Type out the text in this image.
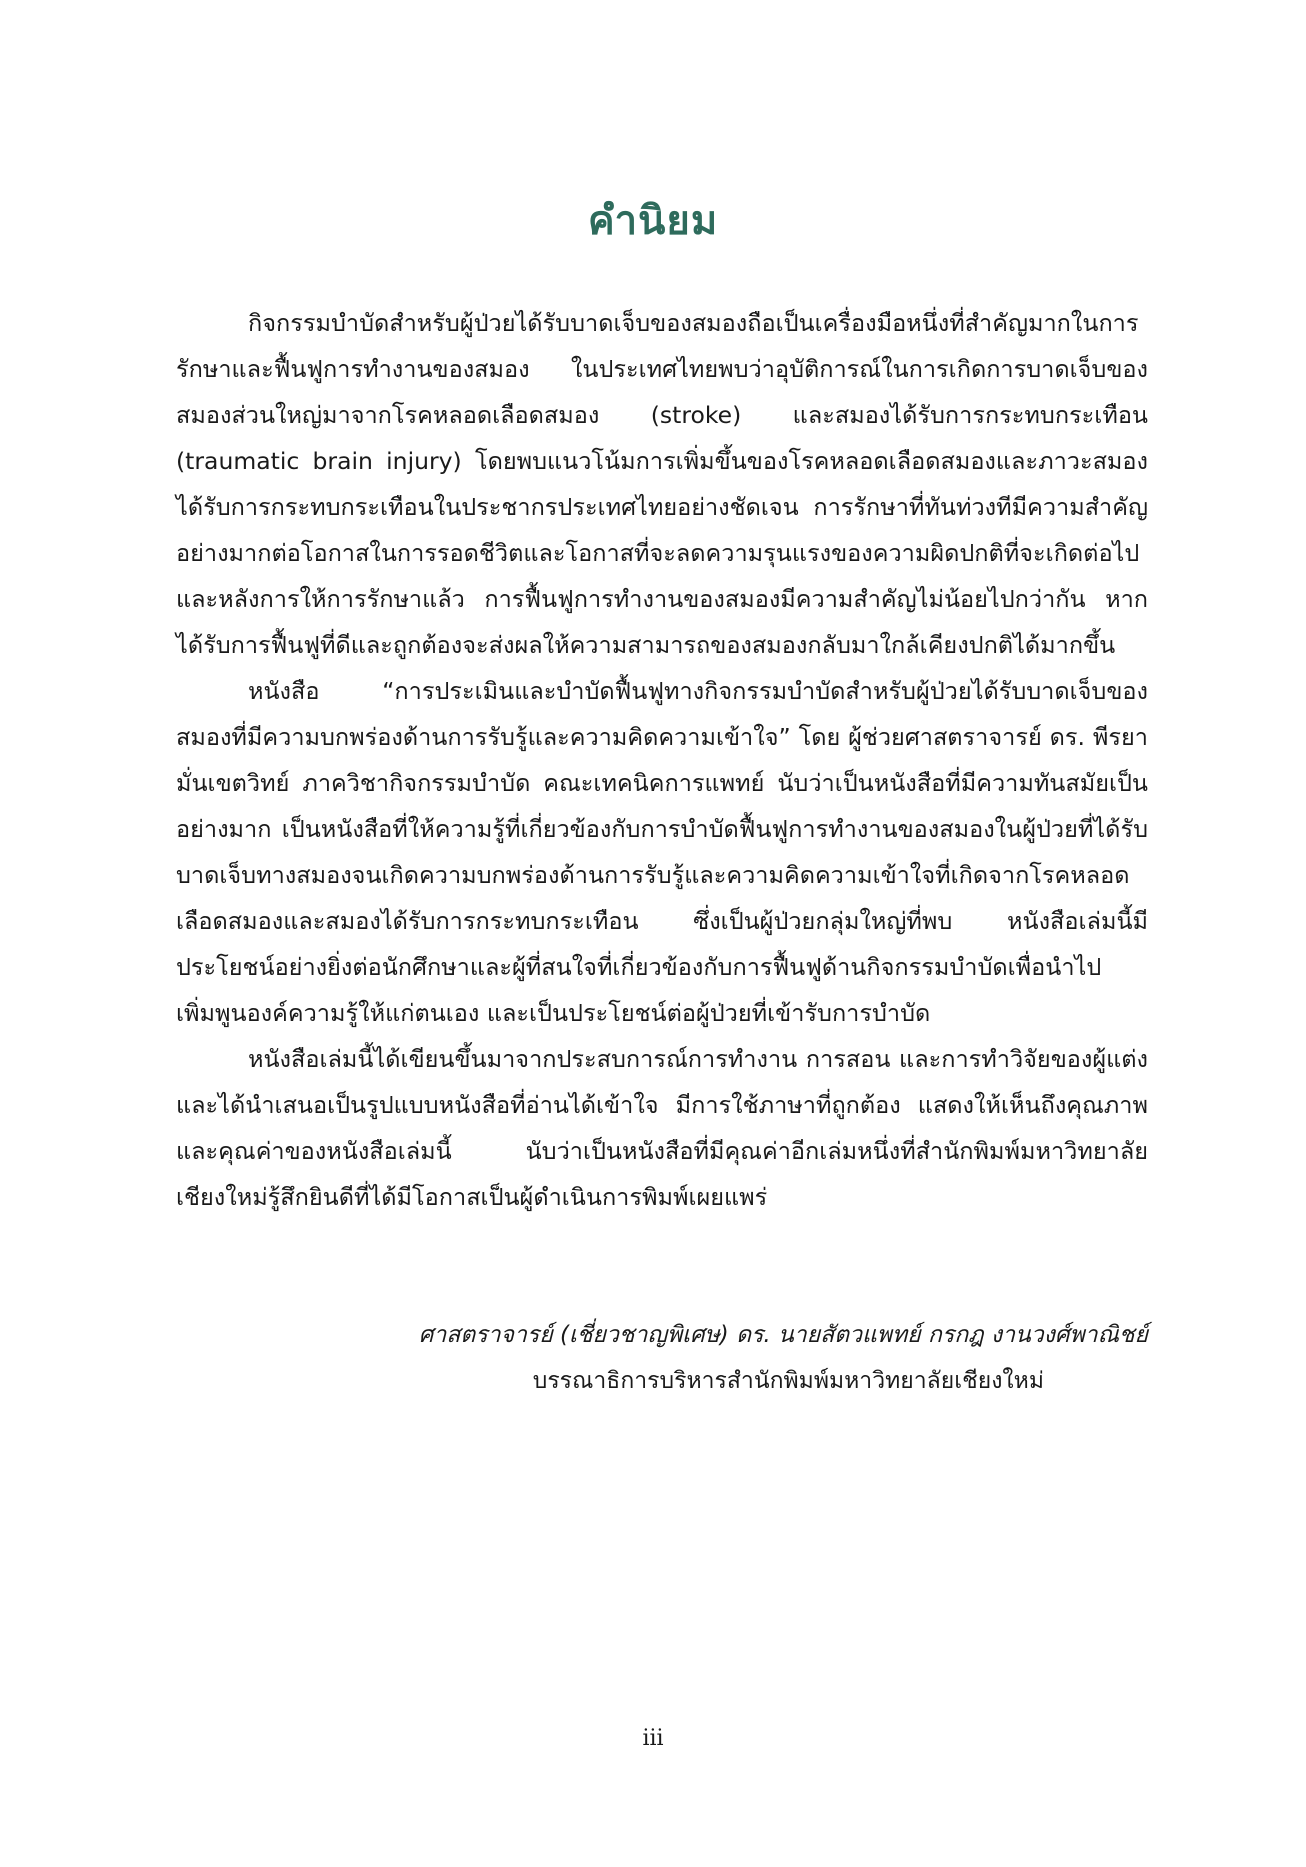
คำนิยม

กิจกรรมบำบัดสำหรับผู้ป่วยได้รับบาดเจ็บของสมองถือเป็นเครื่องมือหนึ่งที่สำคัญมากในการรักษาและฟื้นฟูการทำงานของสมอง ในประเทศไทยพบว่าอุบัติการณ์ในการเกิดการบาดเจ็บของสมองส่วนใหญ่มาจากโรคหลอดเลือดสมอง (stroke) และสมองได้รับการกระทบกระเทือน (traumatic brain injury) โดยพบแนวโน้มการเพิ่มขึ้นของโรคหลอดเลือดสมองและภาวะสมองได้รับการกระทบกระเทือนในประชากรประเทศไทยอย่างชัดเจน การรักษาที่ทันท่วงทีมีความสำคัญอย่างมากต่อโอกาสในการรอดชีวิตและโอกาสที่จะลดความรุนแรงของความผิดปกติที่จะเกิดต่อไป และหลังการให้การรักษาแล้ว การฟื้นฟูการทำงานของสมองมีความสำคัญไม่น้อยไปกว่ากัน หากได้รับการฟื้นฟูที่ดีและถูกต้องจะส่งผลให้ความสามารถของสมองกลับมาใกล้เคียงปกติได้มากขึ้น

หนังสือ “การประเมินและบำบัดฟื้นฟูทางกิจกรรมบำบัดสำหรับผู้ป่วยได้รับบาดเจ็บของสมองที่มีความบกพร่องด้านการรับรู้และความคิดความเข้าใจ” โดย ผู้ช่วยศาสตราจารย์ ดร. พีรยา มั่นเขตวิทย์ ภาควิชากิจกรรมบำบัด คณะเทคนิคการแพทย์ นับว่าเป็นหนังสือที่มีความทันสมัยเป็นอย่างมาก เป็นหนังสือที่ให้ความรู้ที่เกี่ยวข้องกับการบำบัดฟื้นฟูการทำงานของสมองในผู้ป่วยที่ได้รับบาดเจ็บทางสมองจนเกิดความบกพร่องด้านการรับรู้และความคิดความเข้าใจที่เกิดจากโรคหลอดเลือดสมองและสมองได้รับการกระทบกระเทือน ซึ่งเป็นผู้ป่วยกลุ่มใหญ่ที่พบ หนังสือเล่มนี้มีประโยชน์อย่างยิ่งต่อนักศึกษาและผู้ที่สนใจที่เกี่ยวข้องกับการฟื้นฟูด้านกิจกรรมบำบัดเพื่อนำไปเพิ่มพูนองค์ความรู้ให้แก่ตนเอง และเป็นประโยชน์ต่อผู้ป่วยที่เข้ารับการบำบัด

หนังสือเล่มนี้ได้เขียนขึ้นมาจากประสบการณ์การทำงาน การสอน และการทำวิจัยของผู้แต่ง และได้นำเสนอเป็นรูปแบบหนังสือที่อ่านได้เข้าใจ มีการใช้ภาษาที่ถูกต้อง แสดงให้เห็นถึงคุณภาพและคุณค่าของหนังสือเล่มนี้ นับว่าเป็นหนังสือที่มีคุณค่าอีกเล่มหนึ่งที่สำนักพิมพ์มหาวิทยาลัยเชียงใหม่รู้สึกยินดีที่ได้มีโอกาสเป็นผู้ดำเนินการพิมพ์เผยแพร่

ศาสตราจารย์ (เชี่ยวชาญพิเศษ) ดร. นายสัตวแพทย์ กรกฎ งานวงศ์พาณิชย์
บรรณาธิการบริหารสำนักพิมพ์มหาวิทยาลัยเชียงใหม่
iii
